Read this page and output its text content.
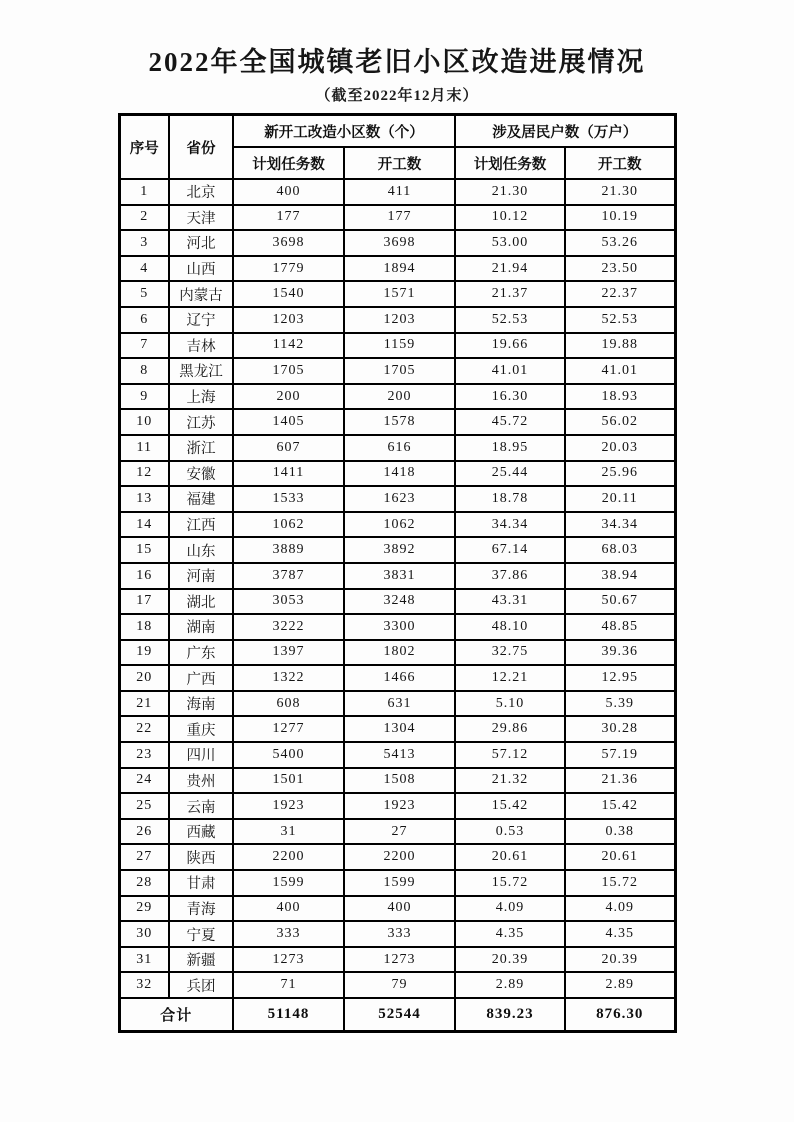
2022年全国城镇老旧小区改造进展情况
（截至2022年12月末）
序号	省份	新开工改造小区数（个）		涉及居民户数（万户）	
		计划任务数	开工数	计划任务数	开工数
1	北京	400	411	21.30	21.30
2	天津	177	177	10.12	10.19
3	河北	3698	3698	53.00	53.26
4	山西	1779	1894	21.94	23.50
5	内蒙古	1540	1571	21.37	22.37
6	辽宁	1203	1203	52.53	52.53
7	吉林	1142	1159	19.66	19.88
8	黑龙江	1705	1705	41.01	41.01
9	上海	200	200	16.30	18.93
10	江苏	1405	1578	45.72	56.02
11	浙江	607	616	18.95	20.03
12	安徽	1411	1418	25.44	25.96
13	福建	1533	1623	18.78	20.11
14	江西	1062	1062	34.34	34.34
15	山东	3889	3892	67.14	68.03
16	河南	3787	3831	37.86	38.94
17	湖北	3053	3248	43.31	50.67
18	湖南	3222	3300	48.10	48.85
19	广东	1397	1802	32.75	39.36
20	广西	1322	1466	12.21	12.95
21	海南	608	631	5.10	5.39
22	重庆	1277	1304	29.86	30.28
23	四川	5400	5413	57.12	57.19
24	贵州	1501	1508	21.32	21.36
25	云南	1923	1923	15.42	15.42
26	西藏	31	27	0.53	0.38
27	陕西	2200	2200	20.61	20.61
28	甘肃	1599	1599	15.72	15.72
29	青海	400	400	4.09	4.09
30	宁夏	333	333	4.35	4.35
31	新疆	1273	1273	20.39	20.39
32	兵团	71	79	2.89	2.89
合计		51148	52544	839.23	876.30
